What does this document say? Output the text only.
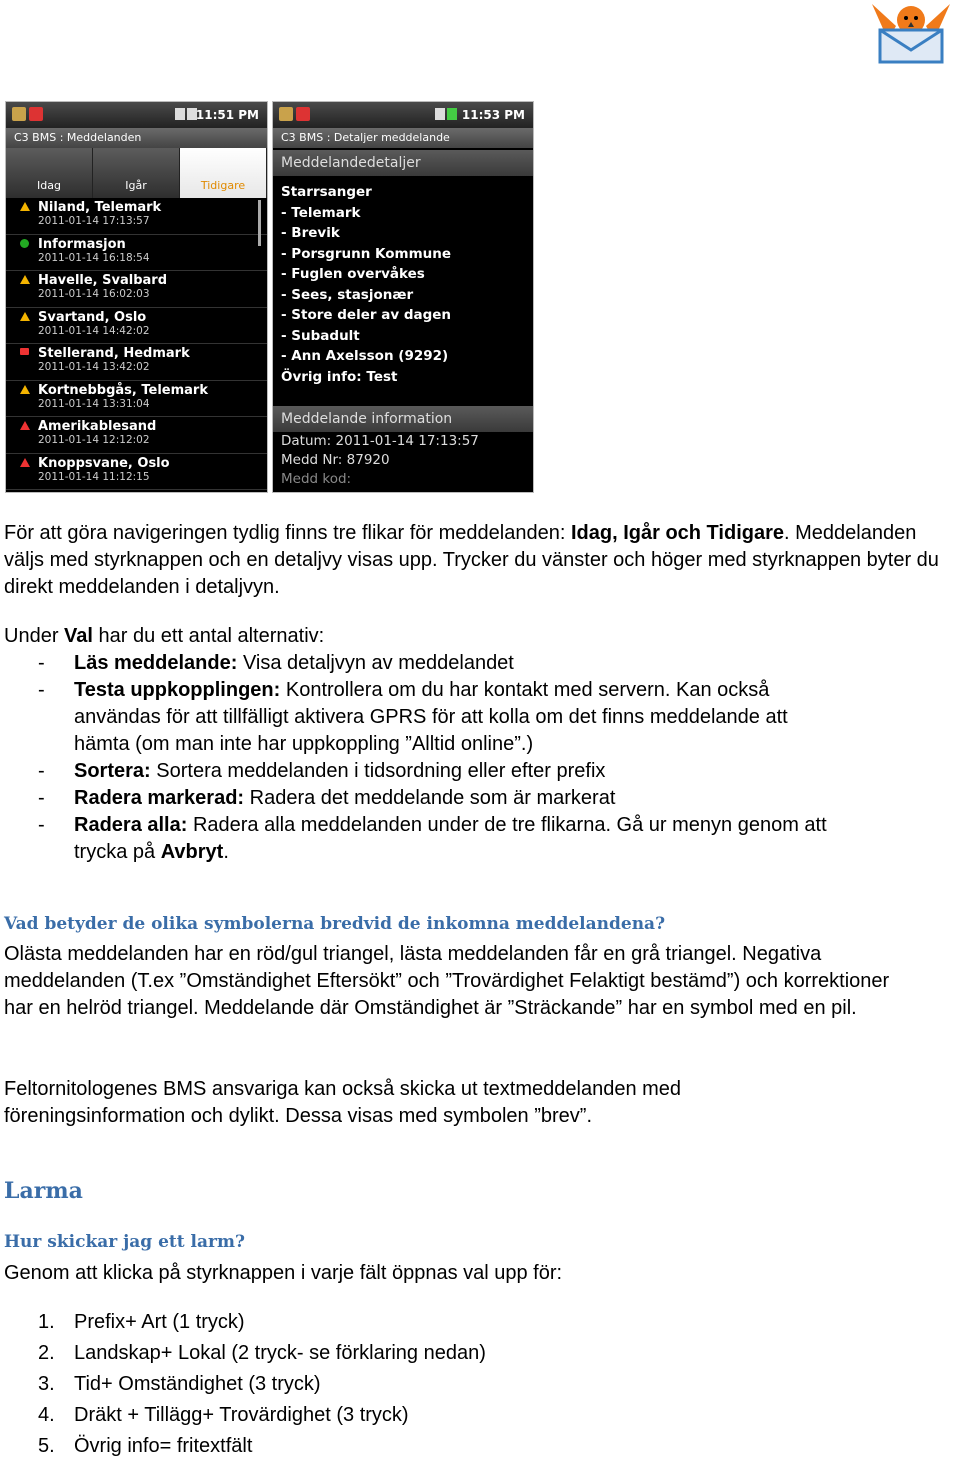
11:51 PM
C3 BMS : Meddelanden
Idag	Igår	Tidigare
Niland, Telemark
2011-01-14 17:13:57
Informasjon
2011-01-14 16:18:54
Havelle, Svalbard
2011-01-14 16:02:03
Svartand, Oslo
2011-01-14 14:42:02
Stellerand, Hedmark
2011-01-14 13:42:02
Kortnebbgås, Telemark
2011-01-14 13:31:04
Amerikablesand
2011-01-14 12:12:02
Knoppsvane, Oslo
2011-01-14 11:12:15
11:53 PM
C3 BMS : Detaljer meddelande
Meddelandedetaljer
Starrsanger
- Telemark
- Brevik
- Porsgrunn Kommune
- Fuglen overvåkes
- Sees, stasjonær
- Store deler av dagen
- Subadult
- Ann Axelsson (9292)
Övrig info: Test
Meddelande information
Datum: 2011-01-14 17:13:57
Medd Nr: 87920
Medd kod:

För att göra navigeringen tydlig finns tre flikar för meddelanden: Idag, Igår och Tidigare. Meddelanden väljs med styrknappen och en detaljvy visas upp. Trycker du vänster och höger med styrknappen byter du direkt meddelanden i detaljvyn.

Under Val har du ett antal alternativ:

- Läs meddelande: Visa detaljvyn av meddelandet

- Testa uppkopplingen: Kontrollera om du har kontakt med servern. Kan också användas för att tillfälligt aktivera GPRS för att kolla om det finns meddelande att hämta (om man inte har uppkoppling ”Alltid online”.)

- Sortera: Sortera meddelanden i tidsordning eller efter prefix

- Radera markerad: Radera det meddelande som är markerat

- Radera alla: Radera alla meddelanden under de tre flikarna. Gå ur menyn genom att trycka på Avbryt.

Vad betyder de olika symbolerna bredvid de inkomna meddelandena?

Olästa meddelanden har en röd/gul triangel, lästa meddelanden får en grå triangel. Negativa meddelanden (T.ex ”Omständighet Eftersökt” och ”Trovärdighet Felaktigt bestämd”) och korrektioner har en helröd triangel. Meddelande där Omständighet är ”Sträckande” har en symbol med en pil.

Feltornitologenes BMS ansvariga kan också skicka ut textmeddelanden med föreningsinformation och dylikt. Dessa visas med symbolen ”brev”.

Larma

Hur skickar jag ett larm?

Genom att klicka på styrknappen i varje fält öppnas val upp för:

1. Prefix+ Art (1 tryck)
2. Landskap+ Lokal (2 tryck- se förklaring nedan)
3. Tid+ Omständighet (3 tryck)
4. Dräkt + Tillägg+ Trovärdighet (3 tryck)
5. Övrig info= fritextfält
